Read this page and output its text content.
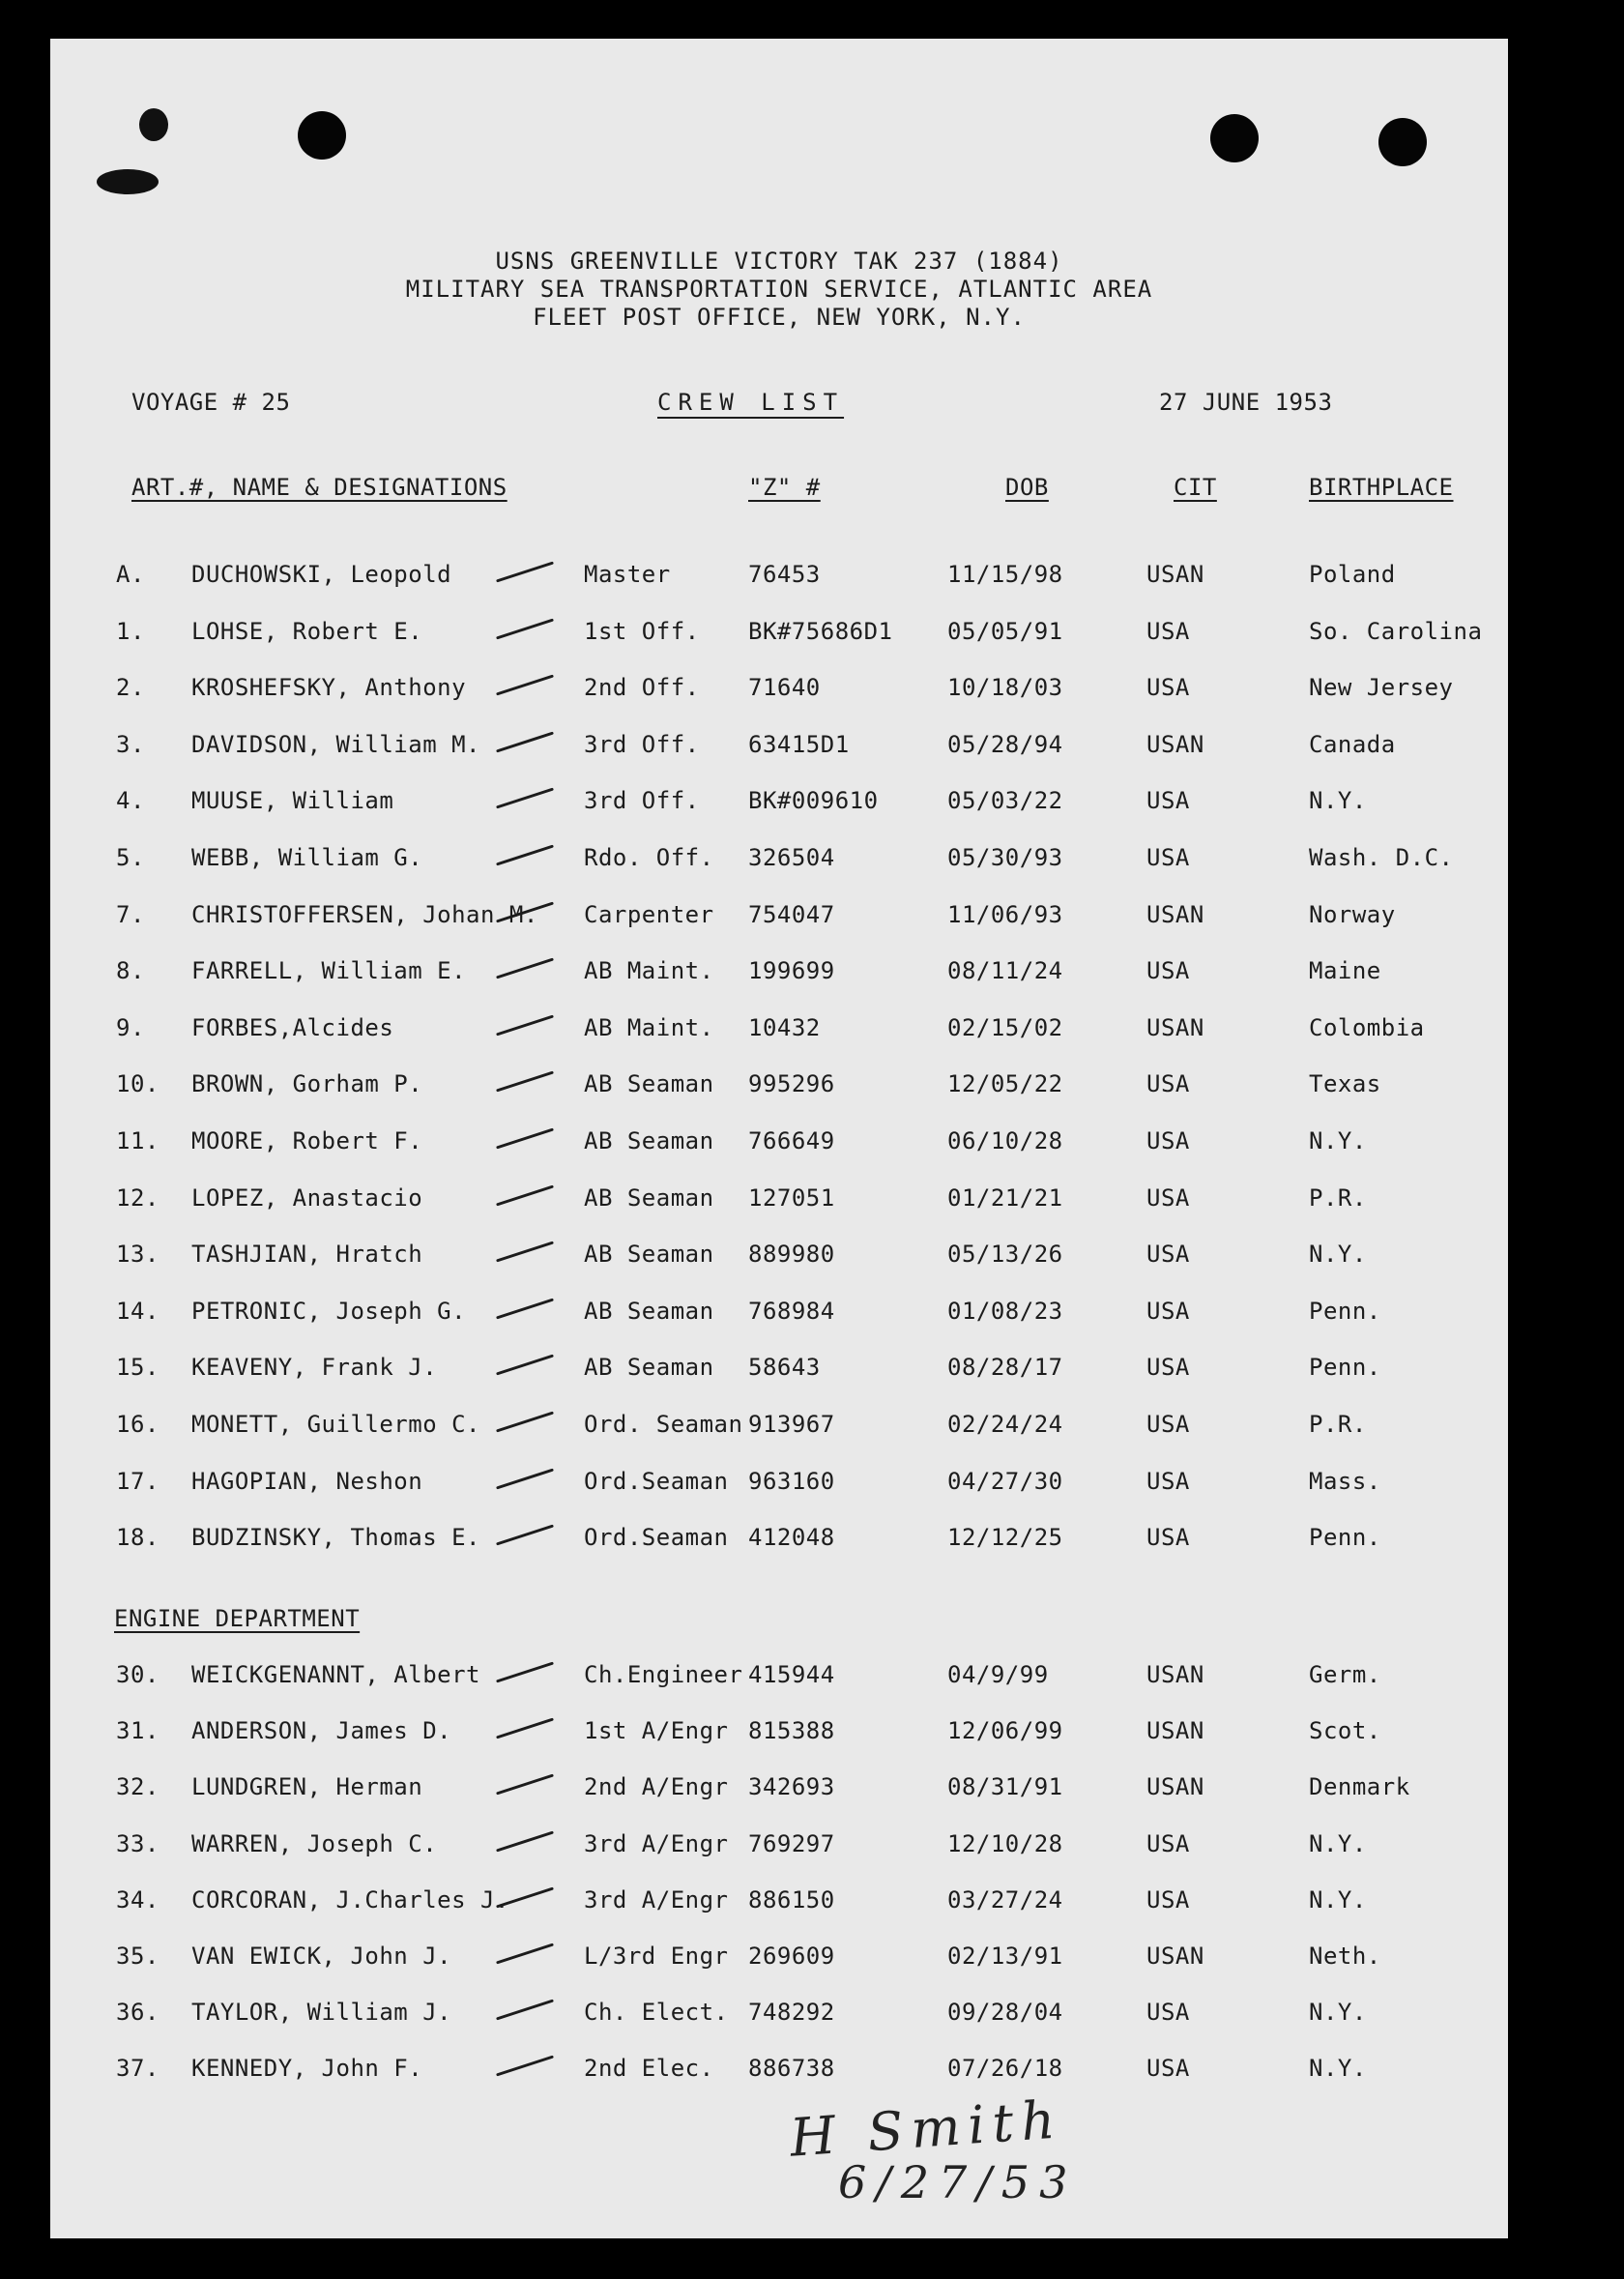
USNS GREENVILLE VICTORY TAK 237 (1884)
MILITARY SEA TRANSPORTATION SERVICE, ATLANTIC AREA
FLEET POST OFFICE, NEW YORK, N.Y.
VOYAGE # 25	CREW LIST	27 JUNE 1953
ART.#, NAME & DESIGNATIONS	"Z" #	DOB	CIT	BIRTHPLACE
A. DUCHOWSKI, Leopold	Master	76453	11/15/98	USAN	Poland
1. LOHSE, Robert E.	1st Off. BK#75686D1 05/05/91	USA	So. Carolina
2. KROSHEFSKY, Anthony	2nd Off. 71640	10/18/03	USA	New Jersey
3. DAVIDSON, William M.	3rd Off. 63415D1	05/28/94	USAN	Canada
4. MUUSE, William	3rd Off. BK#009610	05/03/22	USA	N.Y.
5. WEBB, William G.	Rdo. Off. 326504	05/30/93	USA	Wash. D.C.
7. CHRISTOFFERSEN, Johan M. Carpenter 754047	11/06/93	USAN	Norway
8. FARRELL, William E.	AB Maint. 199699	08/11/24	USA	Maine
9. FORBES,Alcides	AB Maint. 10432	02/15/02	USAN	Colombia
10. BROWN, Gorham P.	AB Seaman 995296	12/05/22	USA	Texas
11. MOORE, Robert F.	AB Seaman 766649	06/10/28	USA	N.Y.
12. LOPEZ, Anastacio	AB Seaman 127051	01/21/21	USA	P.R.
13. TASHJIAN, Hratch	AB Seaman 889980	05/13/26	USA	N.Y.
14. PETRONIC, Joseph G.	AB Seaman 768984	01/08/23	USA	Penn.
15. KEAVENY, Frank J.	AB Seaman 58643	08/28/17	USA	Penn.
16. MONETT, Guillermo C.	Ord. Seaman 913967	02/24/24	USA	P.R.
17. HAGOPIAN, Neshon	Ord.Seaman 963160	04/27/30	USA	Mass.
18. BUDZINSKY, Thomas E.	Ord.Seaman 412048	12/12/25	USA	Penn.
ENGINE DEPARTMENT
30. WEICKGENANNT, Albert	Ch.Engineer 415944	04/9/99	USAN	Germ.
31. ANDERSON, James D.	1st A/Engr 815388	12/06/99	USAN	Scot.
32. LUNDGREN, Herman	2nd A/Engr 342693	08/31/91	USAN	Denmark
33. WARREN, Joseph C.	3rd A/Engr 769297	12/10/28	USA	N.Y.
34. CORCORAN, J.Charles J.	3rd A/Engr 886150	03/27/24	USA	N.Y.
35. VAN EWICK, John J.	L/3rd Engr 269609	02/13/91	USAN	Neth.
36. TAYLOR, William J.	Ch. Elect. 748292	09/28/04	USA	N.Y.
37. KENNEDY, John F.	2nd Elec. 886738	07/26/18	USA	N.Y.
H Smith
6/27/53
